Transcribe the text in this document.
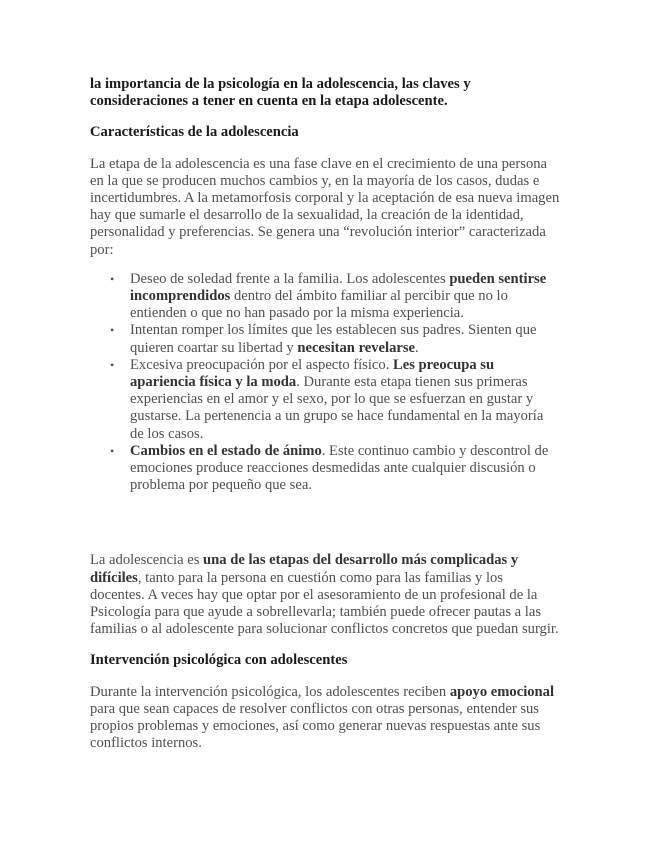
la importancia de la psicología en la adolescencia, las claves y consideraciones a tener en cuenta en la etapa adolescente.

Características de la adolescencia

La etapa de la adolescencia es una fase clave en el crecimiento de una persona en la que se producen muchos cambios y, en la mayoría de los casos, dudas e incertidumbres. A la metamorfosis corporal y la aceptación de esa nueva imagen hay que sumarle el desarrollo de la sexualidad, la creación de la identidad, personalidad y preferencias. Se genera una “revolución interior” caracterizada por:

• Deseo de soledad frente a la familia. Los adolescentes pueden sentirse incomprendidos dentro del ámbito familiar al percibir que no lo entienden o que no han pasado por la misma experiencia.
• Intentan romper los límites que les establecen sus padres. Sienten que quieren coartar su libertad y necesitan revelarse.
• Excesiva preocupación por el aspecto físico. Les preocupa su apariencia física y la moda. Durante esta etapa tienen sus primeras experiencias en el amor y el sexo, por lo que se esfuerzan en gustar y gustarse. La pertenencia a un grupo se hace fundamental en la mayoría de los casos.
• Cambios en el estado de ánimo. Este continuo cambio y descontrol de emociones produce reacciones desmedidas ante cualquier discusión o problema por pequeño que sea.

La adolescencia es una de las etapas del desarrollo más complicadas y difíciles, tanto para la persona en cuestión como para las familias y los docentes. A veces hay que optar por el asesoramiento de un profesional de la Psicología para que ayude a sobrellevarla; también puede ofrecer pautas a las familias o al adolescente para solucionar conflictos concretos que puedan surgir.

Intervención psicológica con adolescentes

Durante la intervención psicológica, los adolescentes reciben apoyo emocional para que sean capaces de resolver conflictos con otras personas, entender sus propios problemas y emociones, así como generar nuevas respuestas ante sus conflictos internos.
